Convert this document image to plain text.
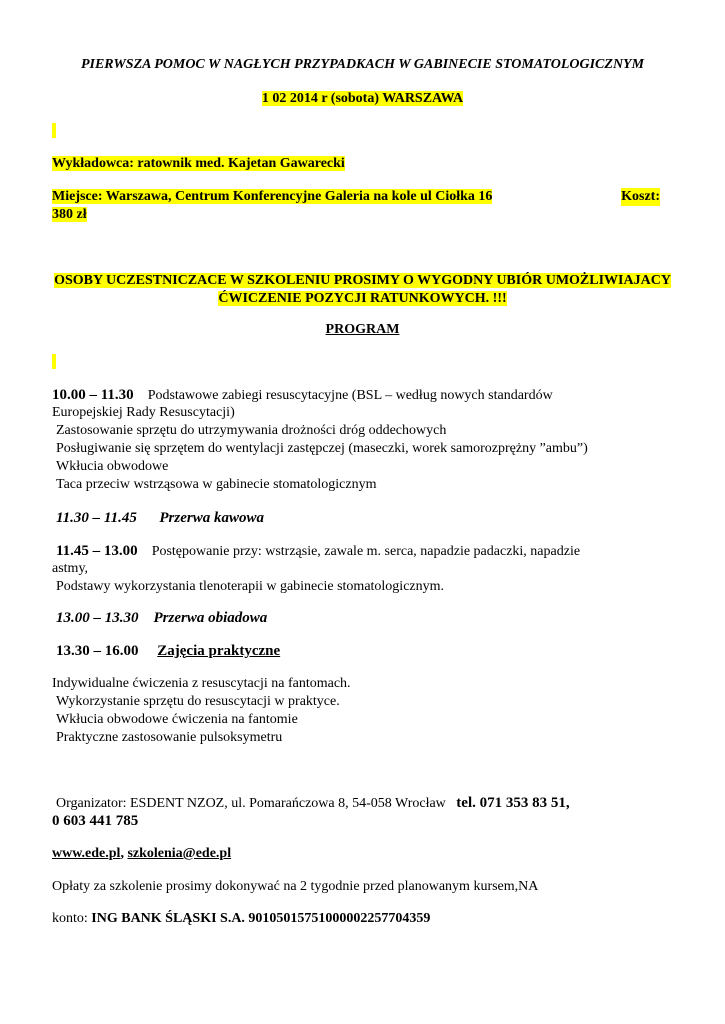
PIERWSZA POMOC W NAGŁYCH PRZYPADKACH W GABINECIE STOMATOLOGICZNYM
1 02 2014 r (sobota) WARSZAWA
Wykładowca: ratownik med. Kajetan Gawarecki
Miejsce: Warszawa, Centrum Konferencyjne Galeria na kole ul Ciołka 16	Koszt:
380 zł
OSOBY UCZESTNICZACE W SZKOLENIU PROSIMY O WYGODNY UBIÓR UMOŻLIWIAJACY
ĆWICZENIE POZYCJI RATUNKOWYCH. !!!
PROGRAM
10.00 – 11.30 Podstawowe zabiegi resuscytacyjne (BSL – według nowych standardów
Europejskiej Rady Resuscytacji)
Zastosowanie sprzętu do utrzymywania drożności dróg oddechowych
Posługiwanie się sprzętem do wentylacji zastępczej (maseczki, worek samorozprężny ”ambu”)
Wkłucia obwodowe
Taca przeciw wstrząsowa w gabinecie stomatologicznym
11.30 – 11.45 Przerwa kawowa
11.45 – 13.00 Postępowanie przy: wstrząsie, zawale m. serca, napadzie padaczki, napadzie
astmy,
Podstawy wykorzystania tlenoterapii w gabinecie stomatologicznym.
13.00 – 13.30 Przerwa obiadowa
13.30 – 16.00 Zajęcia praktyczne
Indywidualne ćwiczenia z resuscytacji na fantomach.
Wykorzystanie sprzętu do resuscytacji w praktyce.
Wkłucia obwodowe ćwiczenia na fantomie
Praktyczne zastosowanie pulsoksymetru
Organizator: ESDENT NZOZ, ul. Pomarańczowa 8, 54-058 Wrocław tel. 071 353 83 51,
0 603 441 785
www.ede.pl, szkolenia@ede.pl
Opłaty za szkolenie prosimy dokonywać na 2 tygodnie przed planowanym kursem,NA
konto: ING BANK ŚLĄSKI S.A. 90105015751000002257704359
